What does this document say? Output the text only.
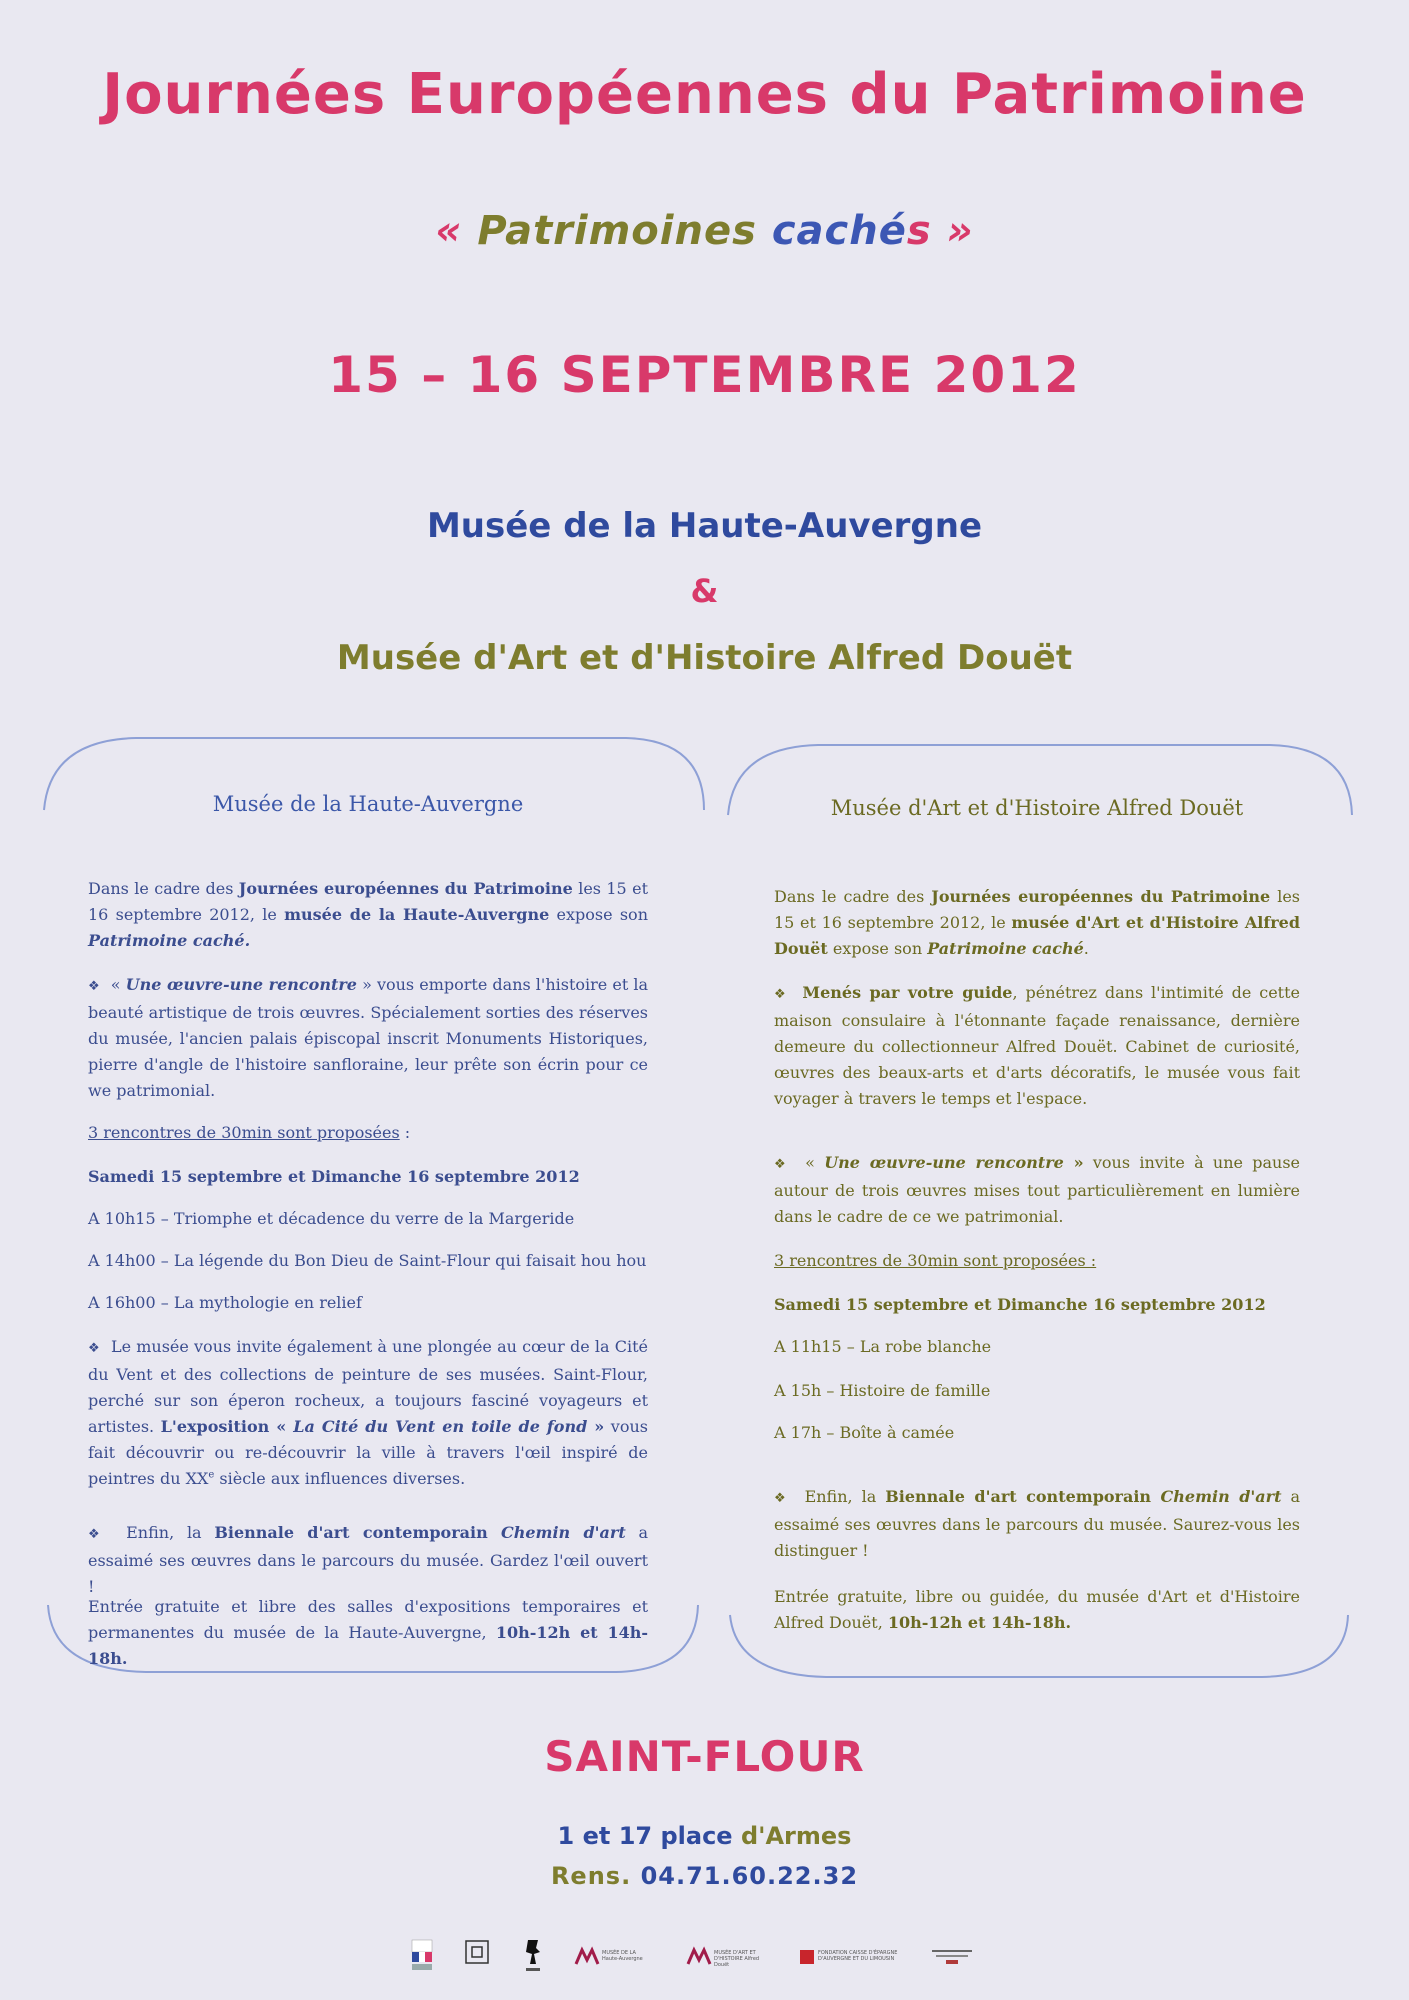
Journées Européennes du Patrimoine
« Patrimoines cachés »
15 – 16 SEPTEMBRE 2012
Musée de la Haute-Auvergne
&
Musée d'Art et d'Histoire Alfred Douët
Musée de la Haute-Auvergne	Musée d'Art et d'Histoire Alfred Douët

Dans le cadre des Journées européennes du Patrimoine les 15 et 16 septembre 2012, le musée de la Haute-Auvergne expose son Patrimoine caché.

❖ « Une œuvre-une rencontre » vous emporte dans l'histoire et la beauté artistique de trois œuvres. Spécialement sorties des réserves du musée, l'ancien palais épiscopal inscrit Monuments Historiques, pierre d'angle de l'histoire sanfloraine, leur prête son écrin pour ce we patrimonial.

3 rencontres de 30min sont proposées :

Samedi 15 septembre et Dimanche 16 septembre 2012

A 10h15 – Triomphe et décadence du verre de la Margeride

A 14h00 – La légende du Bon Dieu de Saint-Flour qui faisait hou hou

A 16h00 – La mythologie en relief

❖ Le musée vous invite également à une plongée au cœur de la Cité du Vent et des collections de peinture de ses musées. Saint-Flour, perché sur son éperon rocheux, a toujours fasciné voyageurs et artistes. L'exposition « La Cité du Vent en toile de fond » vous fait découvrir ou re-découvrir la ville à travers l'œil inspiré de peintres du XXe siècle aux influences diverses.

❖ Enfin, la Biennale d'art contemporain Chemin d'art a essaimé ses œuvres dans le parcours du musée. Gardez l'œil ouvert !

Entrée gratuite et libre des salles d'expositions temporaires et permanentes du musée de la Haute-Auvergne, 10h-12h et 14h-18h.

Dans le cadre des Journées européennes du Patrimoine les 15 et 16 septembre 2012, le musée d'Art et d'Histoire Alfred Douët expose son Patrimoine caché.

❖ Menés par votre guide, pénétrez dans l'intimité de cette maison consulaire à l'étonnante façade renaissance, dernière demeure du collectionneur Alfred Douët. Cabinet de curiosité, œuvres des beaux-arts et d'arts décoratifs, le musée vous fait voyager à travers le temps et l'espace.

❖ « Une œuvre-une rencontre » vous invite à une pause autour de trois œuvres mises tout particulièrement en lumière dans le cadre de ce we patrimonial.

3 rencontres de 30min sont proposées :

Samedi 15 septembre et Dimanche 16 septembre 2012

A 11h15 – La robe blanche

A 15h – Histoire de famille

A 17h – Boîte à camée

❖ Enfin, la Biennale d'art contemporain Chemin d'art a essaimé ses œuvres dans le parcours du musée. Saurez-vous les distinguer !

Entrée gratuite, libre ou guidée, du musée d'Art et d'Histoire Alfred Douët, 10h-12h et 14h-18h.

SAINT-FLOUR
1 et 17 place d'Armes
Rens. 04.71.60.22.32
MUSÉE DE LA Haute-Auvergne
MUSÉE D'ART ET D'HISTOIRE Alfred Douët
FONDATION CAISSE D'ÉPARGNE D'AUVERGNE ET DU LIMOUSIN
